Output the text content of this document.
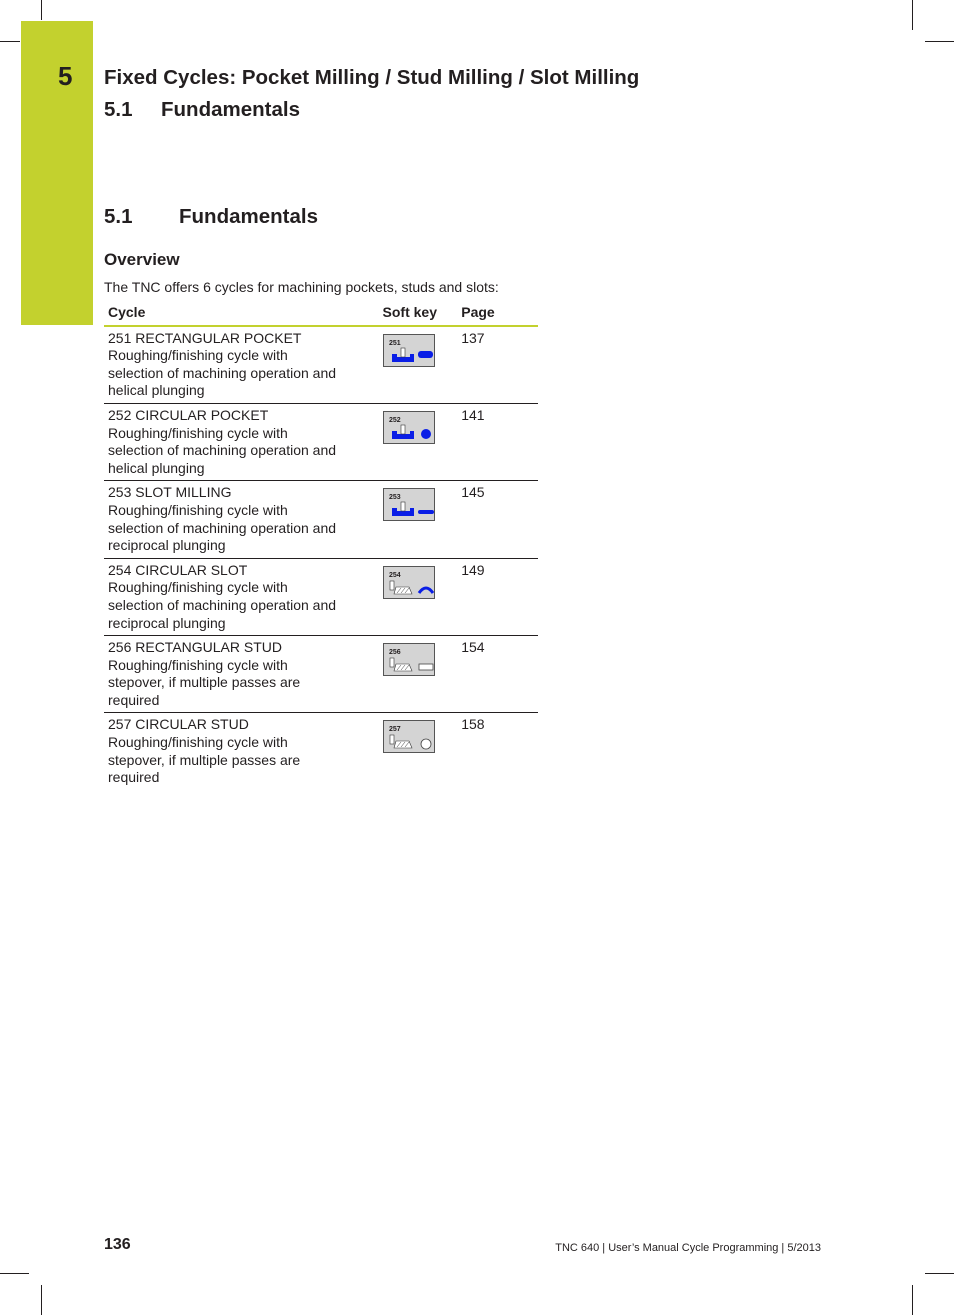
5 Fixed Cycles: Pocket Milling / Stud Milling / Slot Milling
5.1 Fundamentals
5.1 Fundamentals
Overview
The TNC offers 6 cycles for machining pockets, studs and slots:
Cycle	Soft key	Page

251 RECTANGULAR POCKET
Roughing/finishing cycle with
selection of machining operation and
helical plunging	251	137

252 CIRCULAR POCKET
Roughing/finishing cycle with
selection of machining operation and
helical plunging	252	141

253 SLOT MILLING
Roughing/finishing cycle with
selection of machining operation and
reciprocal plunging	253	145

254 CIRCULAR SLOT
Roughing/finishing cycle with
selection of machining operation and
reciprocal plunging	254	149

256 RECTANGULAR STUD
Roughing/finishing cycle with
stepover, if multiple passes are
required	256	154

257 CIRCULAR STUD
Roughing/finishing cycle with
stepover, if multiple passes are
required	257	158
136	TNC 640 | User’s Manual Cycle Programming | 5/2013
